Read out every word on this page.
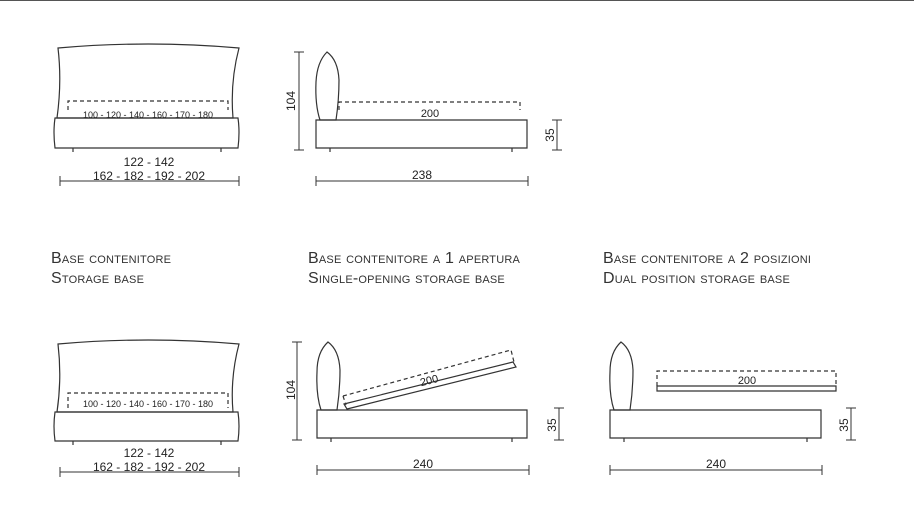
100 - 120 - 140 - 160 - 170 - 180
122 - 142
162 - 182 - 192 - 202
104
200
35
238
100 - 120 - 140 - 160 - 170 - 180
122 - 142
162 - 182 - 192 - 202
104	200
35
240
200
35
240
Base contenitore
Storage base
Base contenitore a 1 apertura
Single-opening storage base
Base contenitore a 2 posizioni
Dual position storage base
